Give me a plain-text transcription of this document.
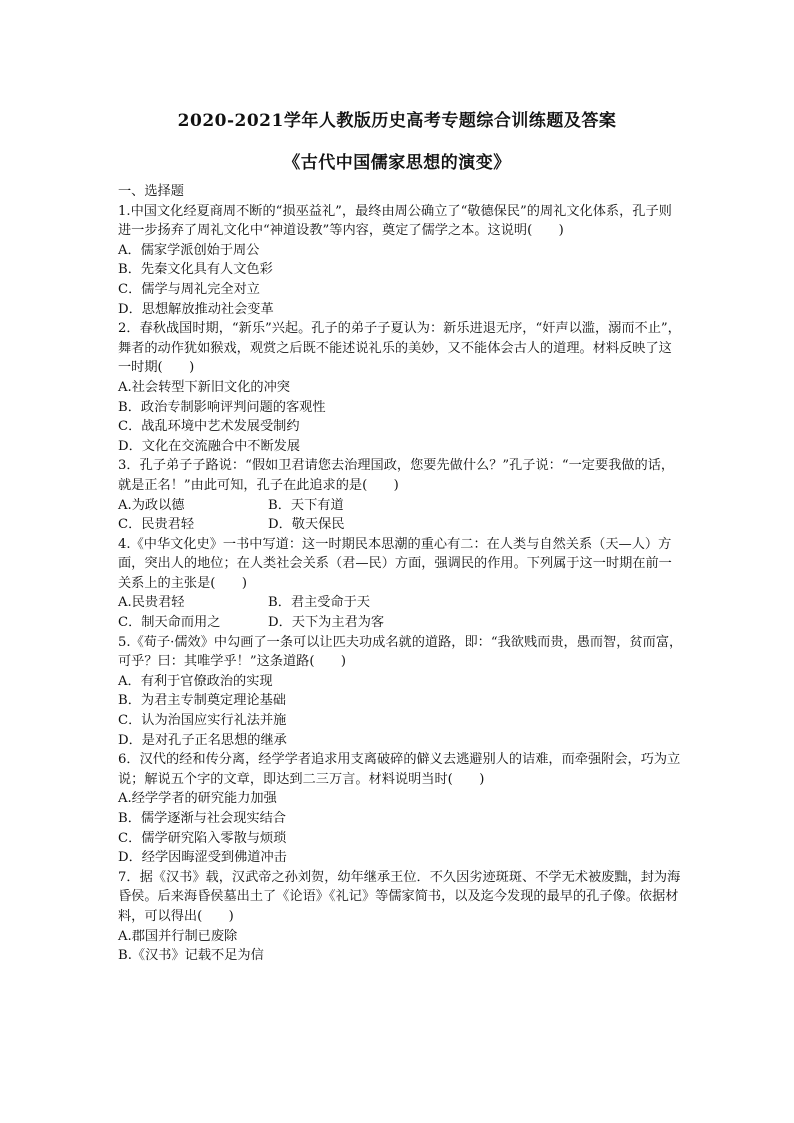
2020-2021学年人教版历史高考专题综合训练题及答案
《古代中国儒家思想的演变》
一、选择题
1.中国文化经夏商周不断的“损巫益礼”，最终由周公确立了“敬德保民”的周礼文化体系，孔子则进一步扬弃了周礼文化中“神道设教”等内容，奠定了儒学之本。这说明(　　)
A．儒家学派创始于周公
B．先秦文化具有人文色彩
C．儒学与周礼完全对立
D．思想解放推动社会变革
2．春秋战国时期，“新乐”兴起。孔子的弟子子夏认为：新乐进退无序，“奸声以滥，溺而不止”，舞者的动作犹如猴戏，观赏之后既不能述说礼乐的美妙，又不能体会古人的道理。材料反映了这一时期(　　)
A.社会转型下新旧文化的冲突
B．政治专制影响评判问题的客观性
C．战乱环境中艺术发展受制约
D．文化在交流融合中不断发展
3．孔子弟子子路说：“假如卫君请您去治理国政，您要先做什么？”孔子说：“一定要我做的话，就是正名！”由此可知，孔子在此追求的是(　　)
A.为政以德	B．天下有道
C．民贵君轻	D．敬天保民
4.《中华文化史》一书中写道：这一时期民本思潮的重心有二：在人类与自然关系（天—人）方面，突出人的地位；在人类社会关系（君—民）方面，强调民的作用。下列属于这一时期在前一关系上的主张是(　　)
A.民贵君轻	B．君主受命于天
C．制天命而用之	D．天下为主君为客
5.《荀子·儒效》中勾画了一条可以让匹夫功成名就的道路，即：“我欲贱而贵，愚而智，贫而富，可乎？曰：其唯学乎！”这条道路(　　)
A．有利于官僚政治的实现
B．为君主专制奠定理论基础
C．认为治国应实行礼法并施
D．是对孔子正名思想的继承
6．汉代的经和传分离，经学学者追求用支离破碎的僻义去逃避别人的诘难，而牵强附会，巧为立说；解说五个字的文章，即达到二三万言。材料说明当时(　　)
A.经学学者的研究能力加强
B．儒学逐渐与社会现实结合
C．儒学研究陷入零散与烦琐
D．经学因晦涩受到佛道冲击
7．据《汉书》载，汉武帝之孙刘贺，幼年继承王位．不久因劣迹斑斑、不学无术被废黜，封为海昏侯。后来海昏侯墓出土了《论语》《礼记》等儒家简书，以及迄今发现的最早的孔子像。依据材料，可以得出(　　)
A.郡国并行制已废除
B.《汉书》记载不足为信
